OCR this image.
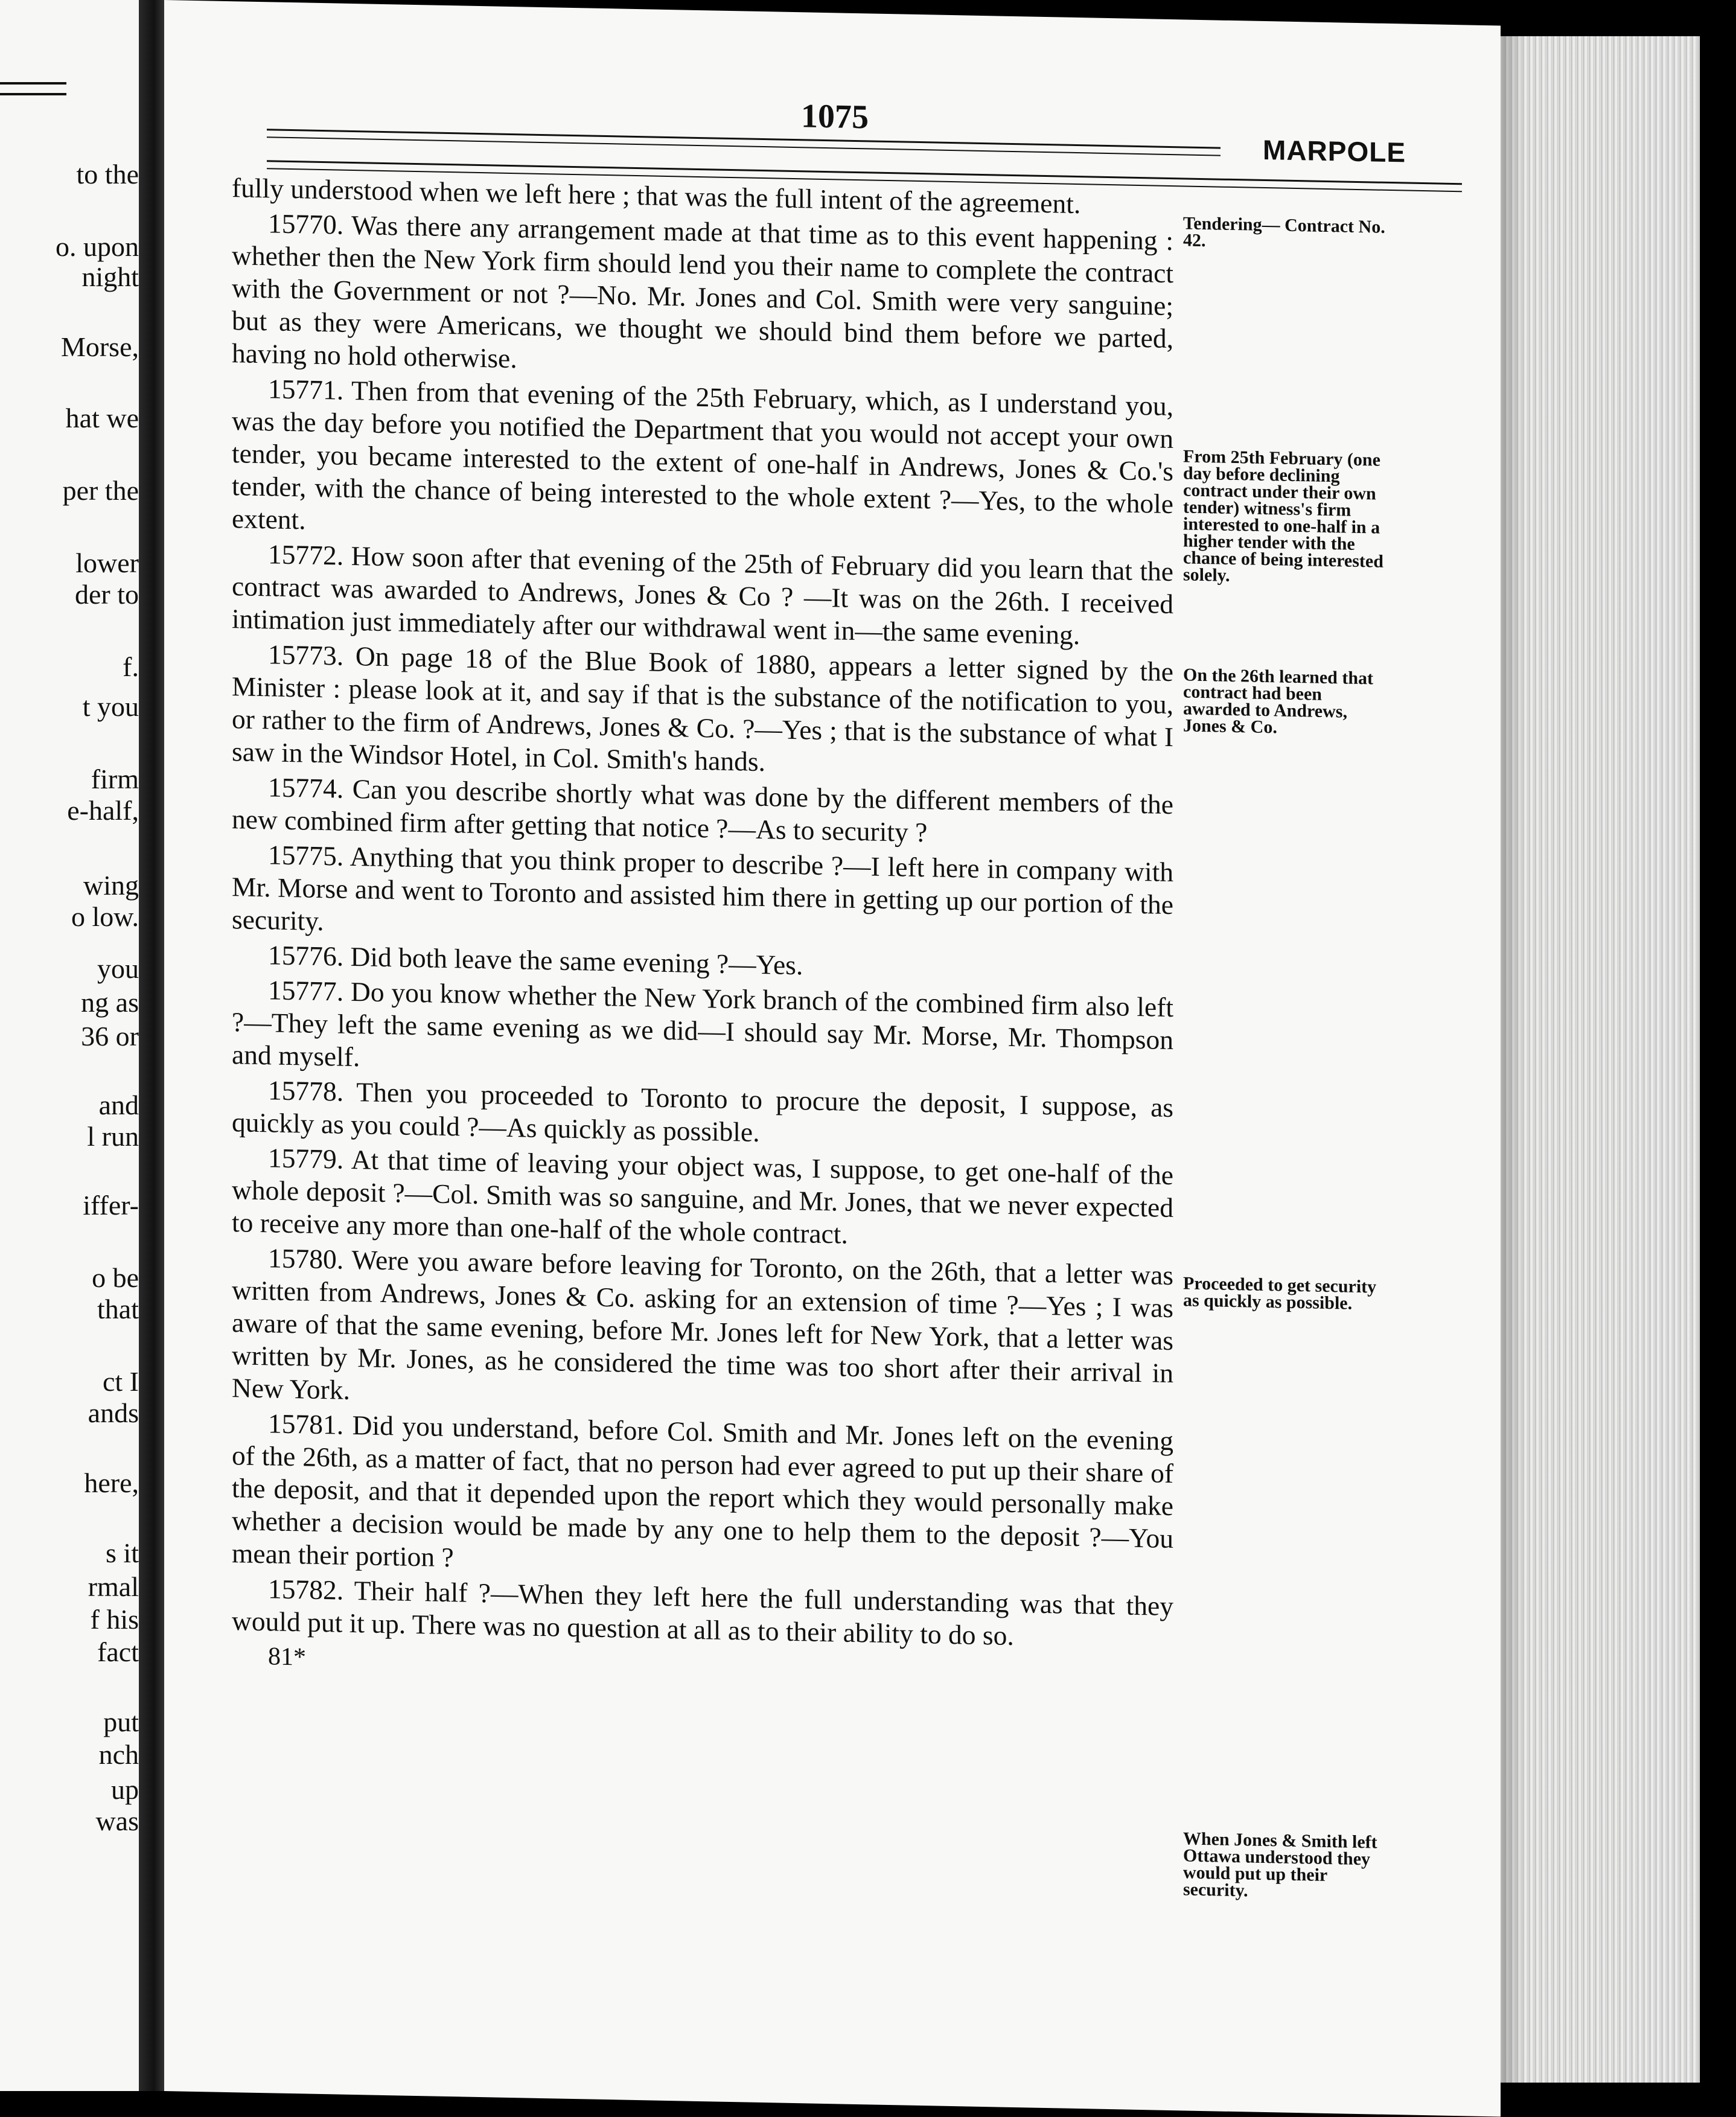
to the
o. upon
night
Morse,
hat we
per the
lower
der to
f.
t you
firm
e-half,
wing
o low.
you
ng as
36 or
and
l run
iffer-
o be
that
ct I
ands
here,
s it
rmal
f his
fact
put
nch
up
was
1075
MARPOLE

fully understood when we left here ; that was the full intent of the agreement.

15770. Was there any arrangement made at that time as to this event happening : whether then the New York firm should lend you their name to complete the contract with the Government or not ?—No. Mr. Jones and Col. Smith were very sanguine; but as they were Americans, we thought we should bind them before we parted, having no hold otherwise.

15771. Then from that evening of the 25th February, which, as I understand you, was the day before you notified the Department that you would not accept your own tender, you became interested to the extent of one-half in Andrews, Jones & Co.'s tender, with the chance of being interested to the whole extent ?—Yes, to the whole extent.

15772. How soon after that evening of the 25th of February did you learn that the contract was awarded to Andrews, Jones & Co ? —It was on the 26th. I received intimation just immediately after our withdrawal went in—the same evening.

15773. On page 18 of the Blue Book of 1880, appears a letter signed by the Minister : please look at it, and say if that is the substance of the notification to you, or rather to the firm of Andrews, Jones & Co. ?—Yes ; that is the substance of what I saw in the Windsor Hotel, in Col. Smith's hands.

15774. Can you describe shortly what was done by the different members of the new combined firm after getting that notice ?—As to security ?

15775. Anything that you think proper to describe ?—I left here in company with Mr. Morse and went to Toronto and assisted him there in getting up our portion of the security.

15776. Did both leave the same evening ?—Yes.

15777. Do you know whether the New York branch of the combined firm also left ?—They left the same evening as we did—I should say Mr. Morse, Mr. Thompson and myself.

15778. Then you proceeded to Toronto to procure the deposit, I suppose, as quickly as you could ?—As quickly as possible.

15779. At that time of leaving your object was, I suppose, to get one-half of the whole deposit ?—Col. Smith was so sanguine, and Mr. Jones, that we never expected to receive any more than one-half of the whole contract.

15780. Were you aware before leaving for Toronto, on the 26th, that a letter was written from Andrews, Jones & Co. asking for an extension of time ?—Yes ; I was aware of that the same evening, before Mr. Jones left for New York, that a letter was written by Mr. Jones, as he considered the time was too short after their arrival in New York.

15781. Did you understand, before Col. Smith and Mr. Jones left on the evening of the 26th, as a matter of fact, that no person had ever agreed to put up their share of the deposit, and that it depended upon the report which they would personally make whether a decision would be made by any one to help them to the deposit ?—You mean their portion ?

15782. Their half ?—When they left here the full understanding was that they would put it up. There was no question at all as to their ability to do so.

81*
Tendering— Contract No. 42.
From 25th February (one day before declining contract under their own tender) witness's firm interested to one-half in a higher tender with the chance of being interested solely.
On the 26th learned that contract had been awarded to Andrews, Jones & Co.
Proceeded to get security as quickly as possible.
When Jones & Smith left Ottawa understood they would put up their security.
